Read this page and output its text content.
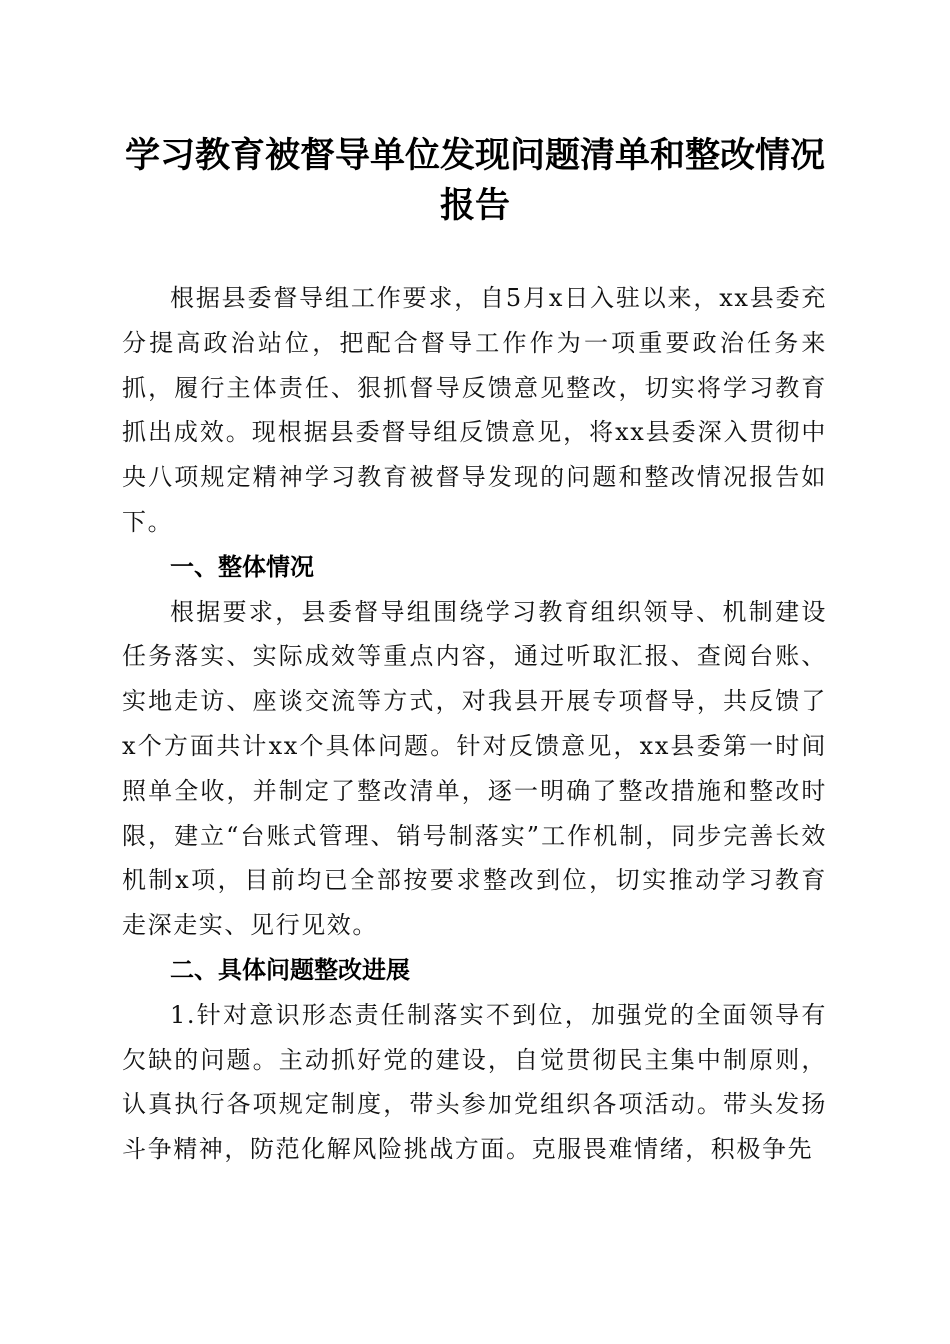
学习教育被督导单位发现问题清单和整改情况
报告

根据县委督导组工作要求，自5月x日入驻以来，xx县委充分提高政治站位，把配合督导工作作为一项重要政治任务来抓，履行主体责任、狠抓督导反馈意见整改，切实将学习教育抓出成效。现根据县委督导组反馈意见，将xx县委深入贯彻中央八项规定精神学习教育被督导发现的问题和整改情况报告如下。

一、整体情况

根据要求，县委督导组围绕学习教育组织领导、机制建设任务落实、实际成效等重点内容，通过听取汇报、查阅台账、实地走访、座谈交流等方式，对我县开展专项督导，共反馈了x个方面共计xx个具体问题。针对反馈意见，xx县委第一时间照单全收，并制定了整改清单，逐一明确了整改措施和整改时限，建立“台账式管理、销号制落实”工作机制，同步完善长效机制x项，目前均已全部按要求整改到位，切实推动学习教育走深走实、见行见效。

二、具体问题整改进展

1.针对意识形态责任制落实不到位，加强党的全面领导有欠缺的问题。主动抓好党的建设，自觉贯彻民主集中制原则，认真执行各项规定制度，带头参加党组织各项活动。带头发扬斗争精神，防范化解风险挑战方面。克服畏难情绪，积极争先
